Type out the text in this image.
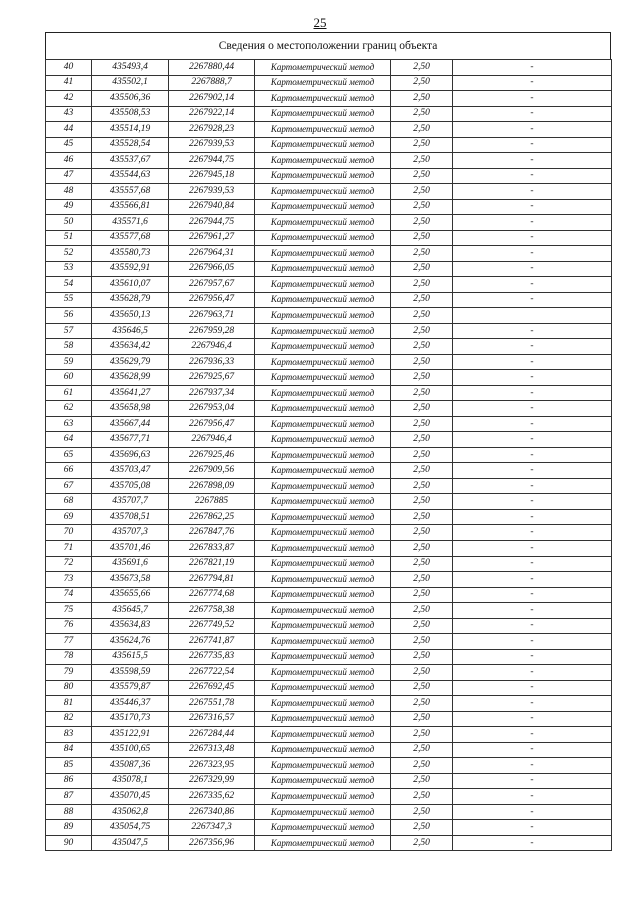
25
Сведения о местоположении границ объекта
40	435493,4	2267880,44	Картометрический метод	2,50	-
41	435502,1	2267888,7	Картометрический метод	2,50	-
42	435506,36	2267902,14	Картометрический метод	2,50	-
43	435508,53	2267922,14	Картометрический метод	2,50	-
44	435514,19	2267928,23	Картометрический метод	2,50	-
45	435528,54	2267939,53	Картометрический метод	2,50	-
46	435537,67	2267944,75	Картометрический метод	2,50	-
47	435544,63	2267945,18	Картометрический метод	2,50	-
48	435557,68	2267939,53	Картометрический метод	2,50	-
49	435566,81	2267940,84	Картометрический метод	2,50	-
50	435571,6	2267944,75	Картометрический метод	2,50	-
51	435577,68	2267961,27	Картометрический метод	2,50	-
52	435580,73	2267964,31	Картометрический метод	2,50	-
53	435592,91	2267966,05	Картометрический метод	2,50	-
54	435610,07	2267957,67	Картометрический метод	2,50	-
55	435628,79	2267956,47	Картометрический метод	2,50	-
56	435650,13	2267963,71	Картометрический метод	2,50	
57	435646,5	2267959,28	Картометрический метод	2,50	-
58	435634,42	2267946,4	Картометрический метод	2,50	-
59	435629,79	2267936,33	Картометрический метод	2,50	-
60	435628,99	2267925,67	Картометрический метод	2,50	-
61	435641,27	2267937,34	Картометрический метод	2,50	-
62	435658,98	2267953,04	Картометрический метод	2,50	-
63	435667,44	2267956,47	Картометрический метод	2,50	-
64	435677,71	2267946,4	Картометрический метод	2,50	-
65	435696,63	2267925,46	Картометрический метод	2,50	-
66	435703,47	2267909,56	Картометрический метод	2,50	-
67	435705,08	2267898,09	Картометрический метод	2,50	-
68	435707,7	2267885	Картометрический метод	2,50	-
69	435708,51	2267862,25	Картометрический метод	2,50	-
70	435707,3	2267847,76	Картометрический метод	2,50	-
71	435701,46	2267833,87	Картометрический метод	2,50	-
72	435691,6	2267821,19	Картометрический метод	2,50	-
73	435673,58	2267794,81	Картометрический метод	2,50	-
74	435655,66	2267774,68	Картометрический метод	2,50	-
75	435645,7	2267758,38	Картометрический метод	2,50	-
76	435634,83	2267749,52	Картометрический метод	2,50	-
77	435624,76	2267741,87	Картометрический метод	2,50	-
78	435615,5	2267735,83	Картометрический метод	2,50	-
79	435598,59	2267722,54	Картометрический метод	2,50	-
80	435579,87	2267692,45	Картометрический метод	2,50	-
81	435446,37	2267551,78	Картометрический метод	2,50	-
82	435170,73	2267316,57	Картометрический метод	2,50	-
83	435122,91	2267284,44	Картометрический метод	2,50	-
84	435100,65	2267313,48	Картометрический метод	2,50	-
85	435087,36	2267323,95	Картометрический метод	2,50	-
86	435078,1	2267329,99	Картометрический метод	2,50	-
87	435070,45	2267335,62	Картометрический метод	2,50	-
88	435062,8	2267340,86	Картометрический метод	2,50	-
89	435054,75	2267347,3	Картометрический метод	2,50	-
90	435047,5	2267356,96	Картометрический метод	2,50	-
